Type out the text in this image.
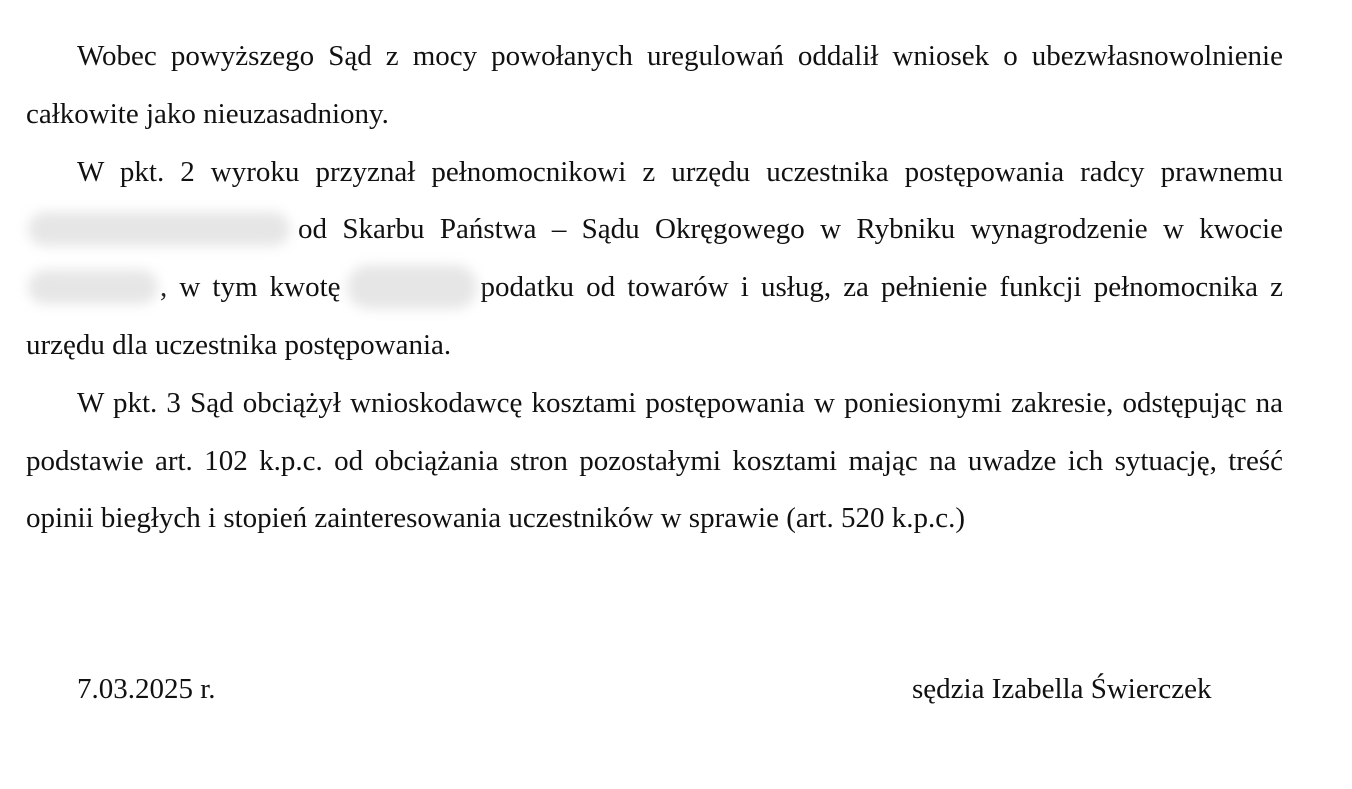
Wobec powyższego Sąd z mocy powołanych uregulowań oddalił wniosek o ubezwłasnowolnienie całkowite jako nieuzasadniony.

W pkt. 2 wyroku przyznał pełnomocnikowi z urzędu uczestnika postępowania radcy prawnemuod Skarbu Państwa – Sądu Okręgowego w Rybniku wynagrodzenie w kwocie, w tym kwotę	podatku od towarów i usług, za pełnienie funkcji pełnomocnika z urzędu dla uczestnika postępowania.

W pkt. 3 Sąd obciążył wnioskodawcę kosztami postępowania w poniesionymi zakresie, odstępując na podstawie art. 102 k.p.c. od obciążania stron pozostałymi kosztami mając na uwadze ich sytuację, treść opinii biegłych i stopień zainteresowania uczestników w sprawie (art. 520 k.p.c.)

7.03.2025 r.	sędzia Izabella Świerczek
